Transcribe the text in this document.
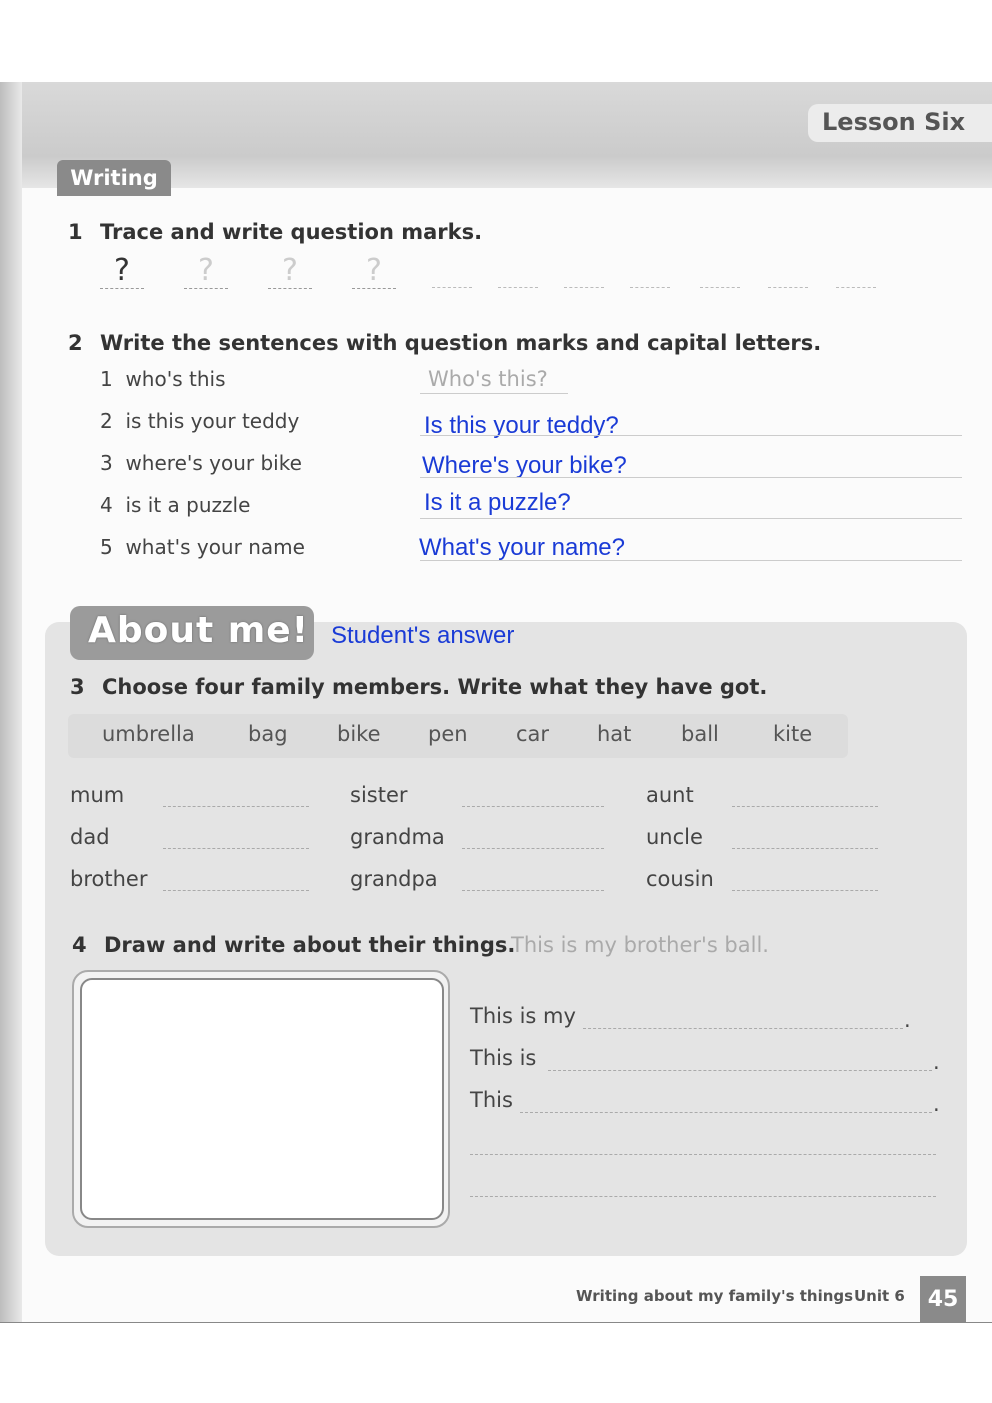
Lesson Six
Writing
1 Trace and write question marks.
?	?	?	?
2 Write the sentences with question marks and capital letters.
1 who's this	Who's this?
2 is this your teddy	Is this your teddy?
3 where's your bike	Where's your bike?
4 is it a puzzle	Is it a puzzle?
5 what's your name	What's your name?
About me! Student's answer
3 Choose four family members. Write what they have got.
umbrella	bag bike pen car hat ball	kite
mum	sister	aunt
dad	grandma	uncle
brother	grandpa	cousin
4 Draw and write about their things.
This is my brother's ball.
This is my	.
This is	.
This	.
Writing about my family's things Unit 6	45
